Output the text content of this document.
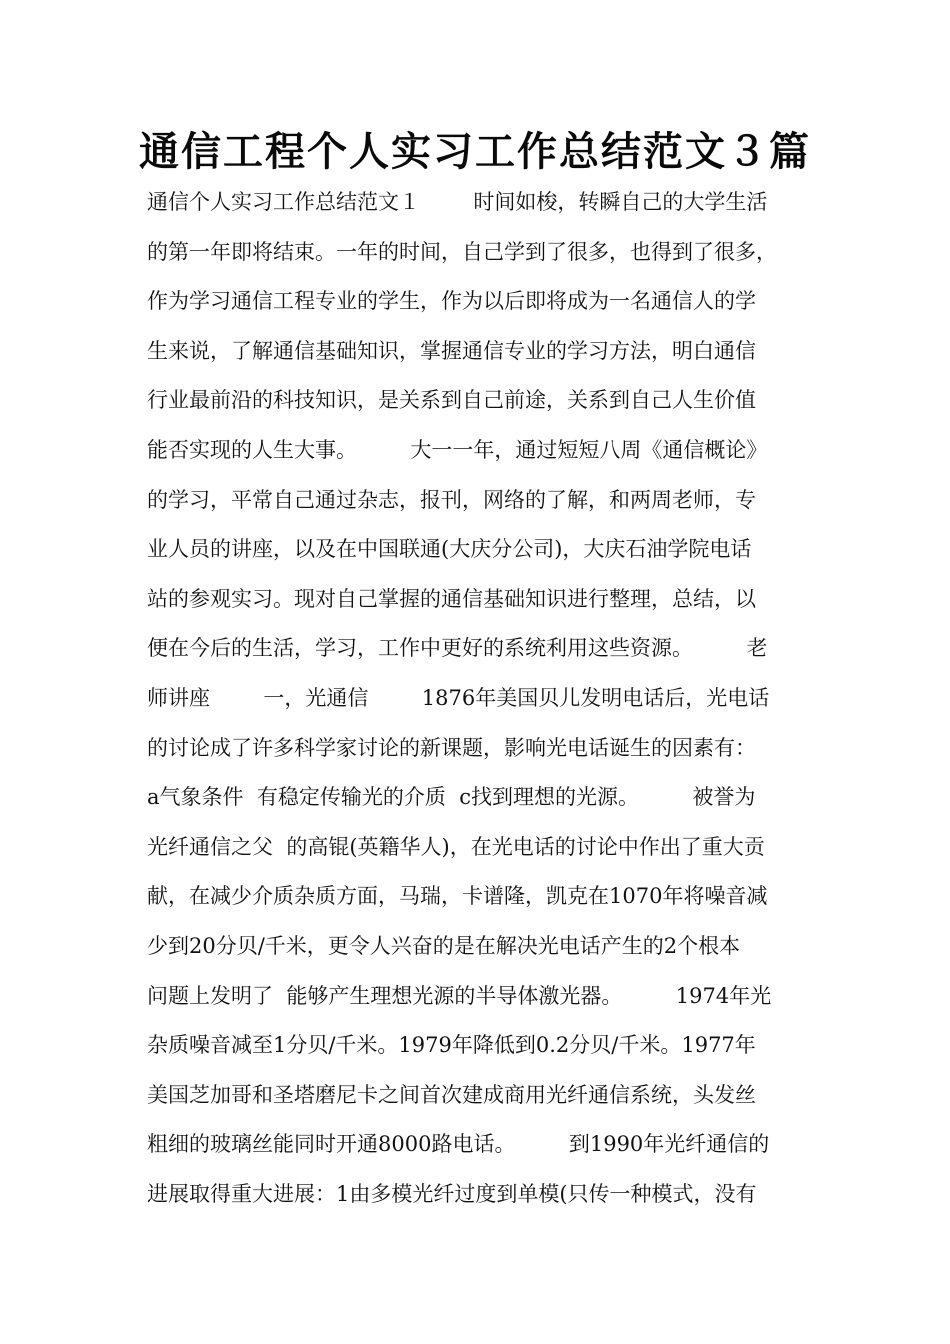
通信工程个人实习工作总结范文３篇
通信个人实习工作总结范文１        时间如梭，转瞬自己的大学生活
的第一年即将结束。一年的时间，自己学到了很多，也得到了很多，
作为学习通信工程专业的学生，作为以后即将成为一名通信人的学
生来说，了解通信基础知识，掌握通信专业的学习方法，明白通信
行业最前沿的科技知识，是关系到自己前途，关系到自己人生价值
能否实现的人生大事。        大一一年，通过短短八周《通信概论》
的学习，平常自己通过杂志，报刊，网络的了解，和两周老师，专
业人员的讲座，以及在中国联通(大庆分公司)，大庆石油学院电话
站的参观实习。现对自己掌握的通信基础知识进行整理，总结，以
便在今后的生活，学习，工作中更好的系统利用这些资源。        老
师讲座        一，光通信        1876年美国贝儿发明电话后，光电话
的讨论成了许多科学家讨论的新课题，影响光电话诞生的因素有：
a气象条件  有稳定传输光的介质  c找到理想的光源。        被誉为
光纤通信之父  的高锟(英籍华人)，在光电话的讨论中作出了重大贡
献，在减少介质杂质方面，马瑞，卡谱隆，凯克在1070年将噪音减
少到20分贝/千米，更令人兴奋的是在解决光电话产生的2个根本
问题上发明了  能够产生理想光源的半导体激光器。        1974年光
杂质噪音减至1分贝/千米。1979年降低到0.2分贝/千米。1977年
美国芝加哥和圣塔磨尼卡之间首次建成商用光纤通信系统，头发丝
粗细的玻璃丝能同时开通8000路电话。        到1990年光纤通信的
进展取得重大进展：1由多模光纤过度到单模(只传一种模式，没有
